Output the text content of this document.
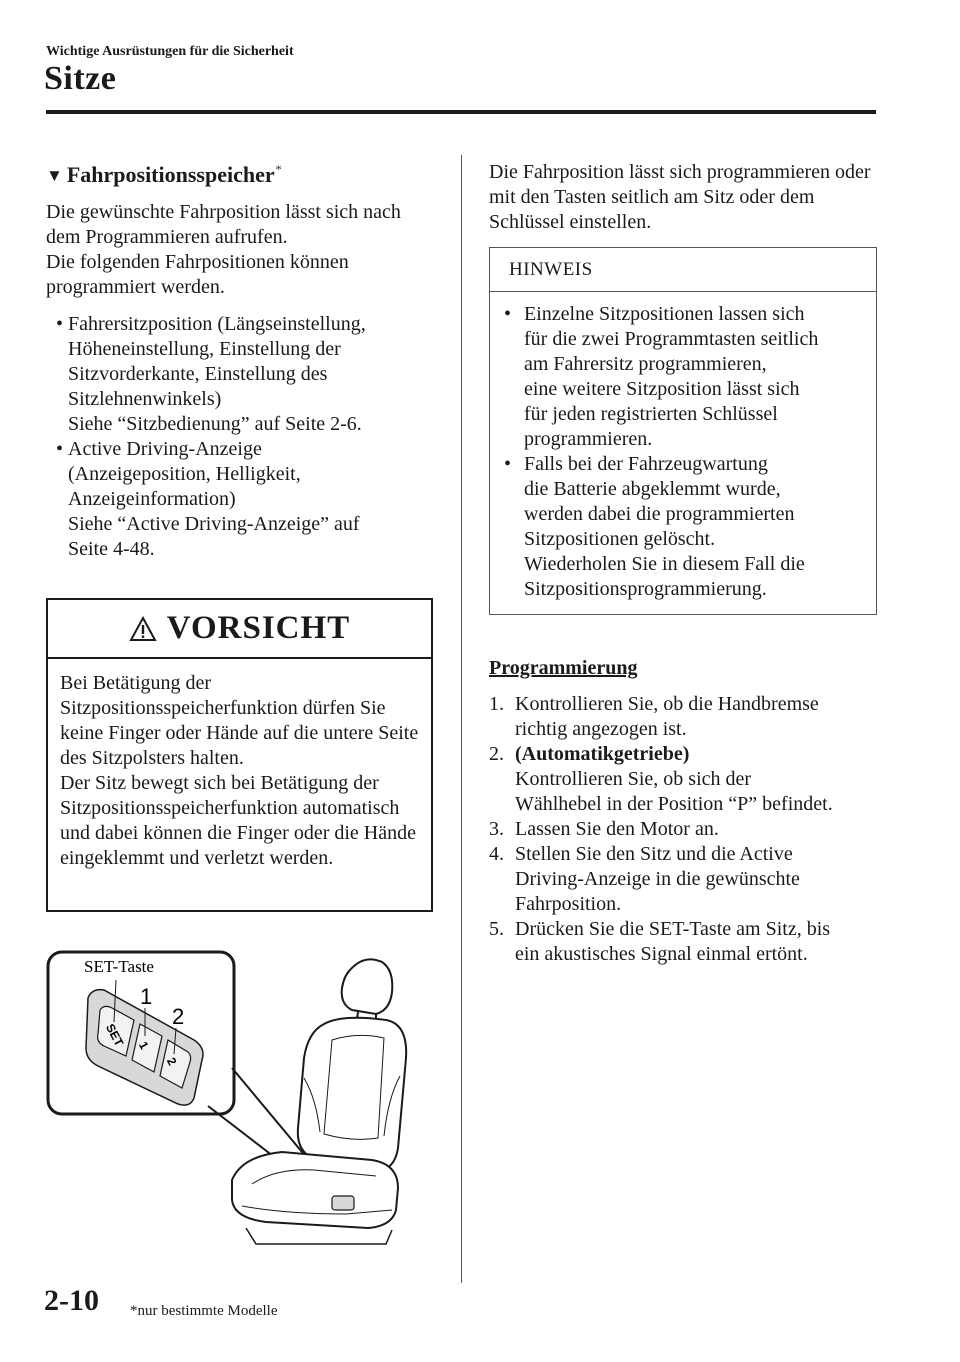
Wichtige Ausrüstungen für die Sicherheit
Sitze
▼ Fahrpositionsspeicher*

Die gewünschte Fahrposition lässt sich nach dem Programmieren aufrufen.

Die folgenden Fahrpositionen können programmiert werden.

• Fahrersitzposition (Längseinstellung,
Höheneinstellung, Einstellung der
Sitzvorderkante, Einstellung des
Sitzlehnenwinkels)
Siehe “Sitzbedienung” auf Seite 2-6.
• Active Driving-Anzeige
(Anzeigeposition, Helligkeit,
Anzeigeinformation)
Siehe “Active Driving-Anzeige” auf
Seite 4-48.
VORSICHT

Bei Betätigung der Sitzpositionsspeicherfunktion dürfen Sie keine Finger oder Hände auf die untere Seite des Sitzpolsters halten.

Der Sitz bewegt sich bei Betätigung der Sitzpositionsspeicherfunktion automatisch und dabei können die Finger oder die Hände eingeklemmt und verletzt werden.

SET 1
2
SET-Taste
1
2

Die Fahrposition lässt sich programmieren oder mit den Tasten seitlich am Sitz oder dem Schlüssel einstellen.

HINWEIS
• Einzelne Sitzpositionen lassen sich
für die zwei Programmtasten seitlich
am Fahrersitz programmieren,
eine weitere Sitzposition lässt sich
für jeden registrierten Schlüssel
programmieren.
• Falls bei der Fahrzeugwartung
die Batterie abgeklemmt wurde,
werden dabei die programmierten
Sitzpositionen gelöscht.
Wiederholen Sie in diesem Fall die
Sitzpositionsprogrammierung.
Programmierung
1. Kontrollieren Sie, ob die Handbremse
richtig angezogen ist.
2. (Automatikgetriebe)
Kontrollieren Sie, ob sich der
Wählhebel in der Position “P” befindet.
3. Lassen Sie den Motor an.
4. Stellen Sie den Sitz und die Active
Driving-Anzeige in die gewünschte
Fahrposition.
5. Drücken Sie die SET-Taste am Sitz, bis
ein akustisches Signal einmal ertönt.
2-10 *nur bestimmte Modelle
